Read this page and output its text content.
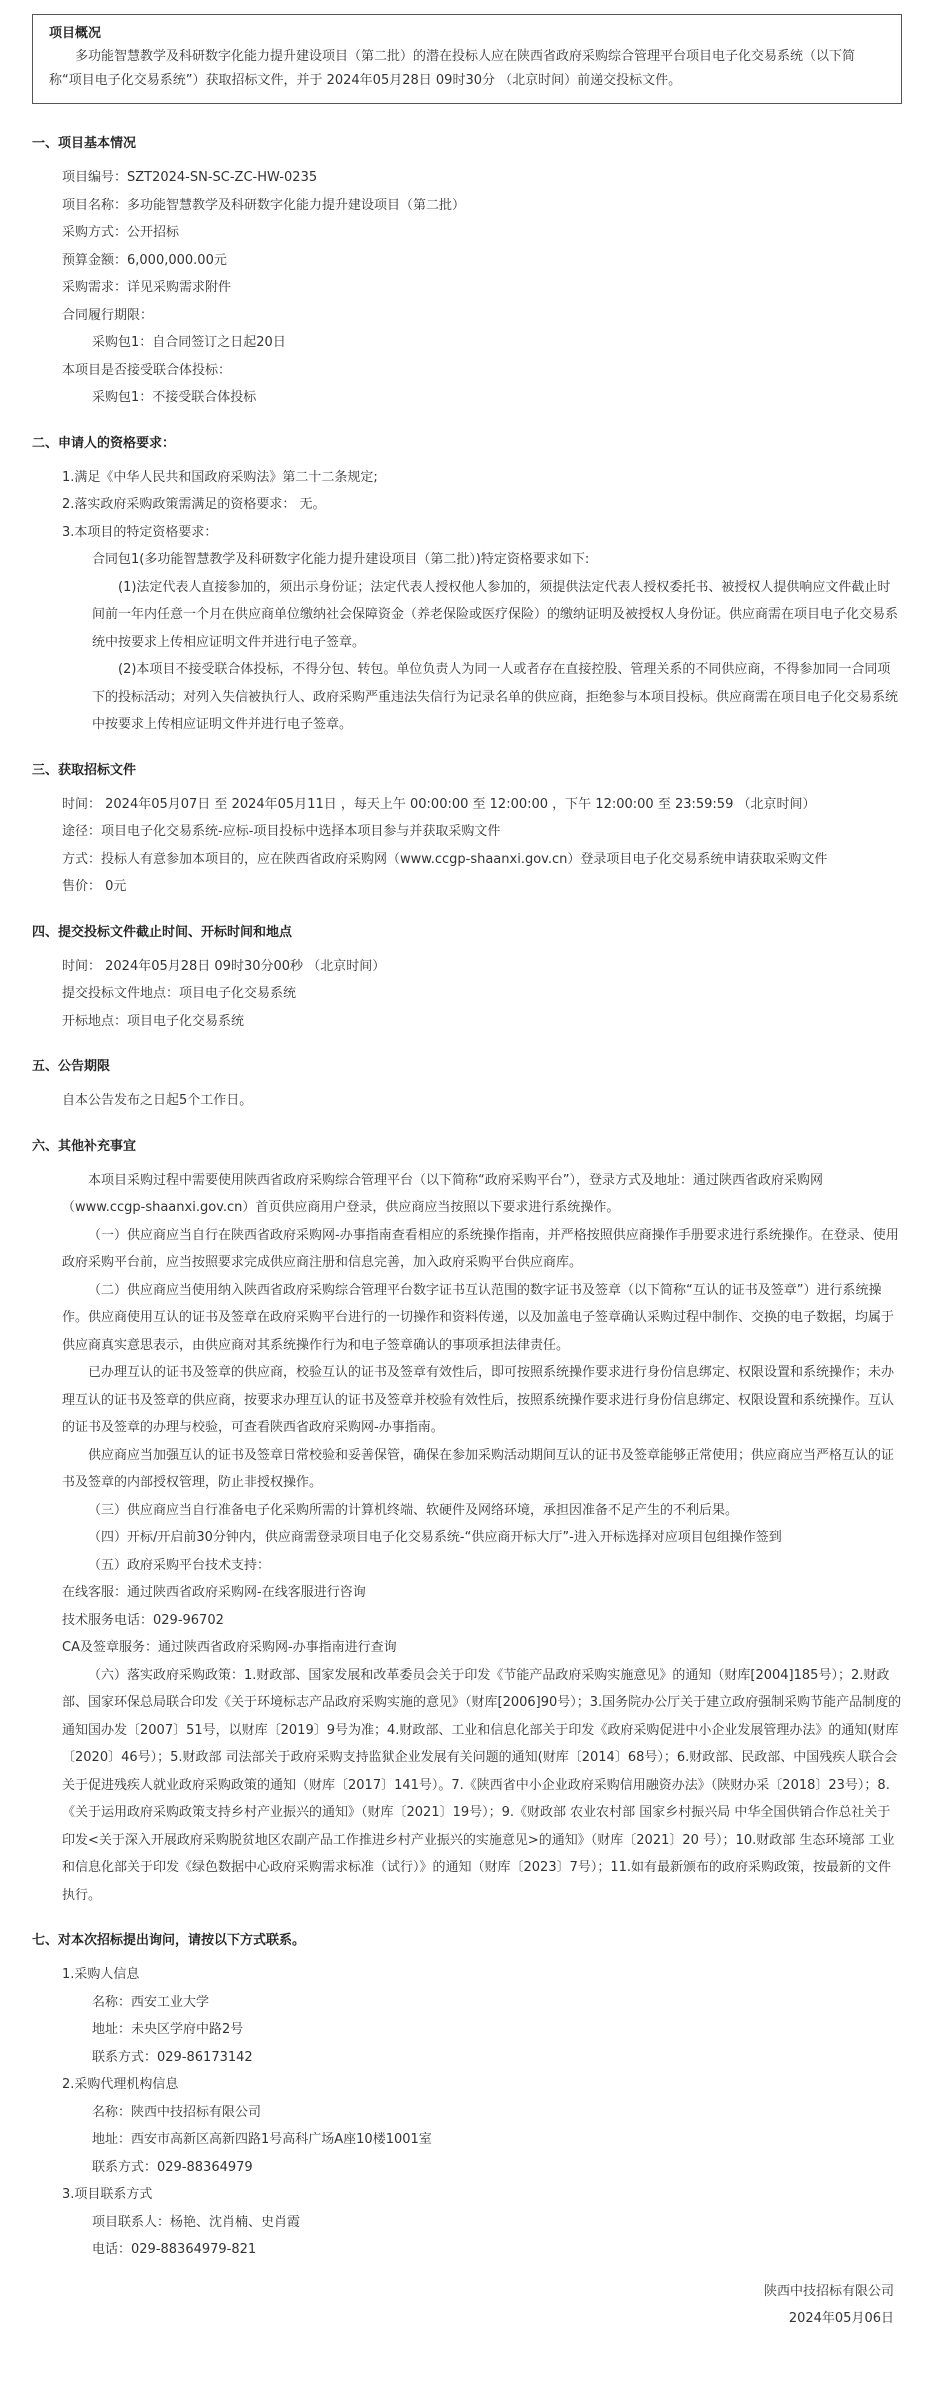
项目概况
多功能智慧教学及科研数字化能力提升建设项目（第二批）的潜在投标人应在陕西省政府采购综合管理平台项目电子化交易系统（以下简称“项目电子化交易系统”）获取招标文件，并于 2024年05月28日 09时30分 （北京时间）前递交投标文件。
一、项目基本情况
项目编号：SZT2024-SN-SC-ZC-HW-0235
项目名称：多功能智慧教学及科研数字化能力提升建设项目（第二批）
采购方式：公开招标
预算金额：6,000,000.00元
采购需求：详见采购需求附件
合同履行期限：
采购包1：自合同签订之日起20日
本项目是否接受联合体投标：
采购包1：不接受联合体投标
二、申请人的资格要求：
1.满足《中华人民共和国政府采购法》第二十二条规定;
2.落实政府采购政策需满足的资格要求： 无。
3.本项目的特定资格要求：
合同包1(多功能智慧教学及科研数字化能力提升建设项目（第二批）)特定资格要求如下:
(1)法定代表人直接参加的，须出示身份证；法定代表人授权他人参加的，须提供法定代表人授权委托书、被授权人提供响应文件截止时间前一年内任意一个月在供应商单位缴纳社会保障资金（养老保险或医疗保险）的缴纳证明及被授权人身份证。供应商需在项目电子化交易系统中按要求上传相应证明文件并进行电子签章。
(2)本项目不接受联合体投标，不得分包、转包。单位负责人为同一人或者存在直接控股、管理关系的不同供应商，不得参加同一合同项下的投标活动；对列入失信被执行人、政府采购严重违法失信行为记录名单的供应商，拒绝参与本项目投标。供应商需在项目电子化交易系统中按要求上传相应证明文件并进行电子签章。
三、获取招标文件
时间： 2024年05月07日 至 2024年05月11日 ，每天上午 00:00:00 至 12:00:00 ，下午 12:00:00 至 23:59:59 （北京时间）
途径：项目电子化交易系统-应标-项目投标中选择本项目参与并获取采购文件
方式：投标人有意参加本项目的，应在陕西省政府采购网（www.ccgp-shaanxi.gov.cn）登录项目电子化交易系统申请获取采购文件
售价： 0元
四、提交投标文件截止时间、开标时间和地点
时间： 2024年05月28日 09时30分00秒 （北京时间）
提交投标文件地点：项目电子化交易系统
开标地点：项目电子化交易系统
五、公告期限
自本公告发布之日起5个工作日。
六、其他补充事宜
本项目采购过程中需要使用陕西省政府采购综合管理平台（以下简称“政府采购平台”），登录方式及地址：通过陕西省政府采购网（www.ccgp-shaanxi.gov.cn）首页供应商用户登录，供应商应当按照以下要求进行系统操作。
（一）供应商应当自行在陕西省政府采购网-办事指南查看相应的系统操作指南，并严格按照供应商操作手册要求进行系统操作。在登录、使用政府采购平台前，应当按照要求完成供应商注册和信息完善，加入政府采购平台供应商库。
（二）供应商应当使用纳入陕西省政府采购综合管理平台数字证书互认范围的数字证书及签章（以下简称“互认的证书及签章”）进行系统操作。供应商使用互认的证书及签章在政府采购平台进行的一切操作和资料传递，以及加盖电子签章确认采购过程中制作、交换的电子数据，均属于供应商真实意思表示，由供应商对其系统操作行为和电子签章确认的事项承担法律责任。
已办理互认的证书及签章的供应商，校验互认的证书及签章有效性后，即可按照系统操作要求进行身份信息绑定、权限设置和系统操作；未办理互认的证书及签章的供应商，按要求办理互认的证书及签章并校验有效性后，按照系统操作要求进行身份信息绑定、权限设置和系统操作。互认的证书及签章的办理与校验，可查看陕西省政府采购网-办事指南。
供应商应当加强互认的证书及签章日常校验和妥善保管，确保在参加采购活动期间互认的证书及签章能够正常使用；供应商应当严格互认的证书及签章的内部授权管理，防止非授权操作。
（三）供应商应当自行准备电子化采购所需的计算机终端、软硬件及网络环境，承担因准备不足产生的不利后果。
（四）开标/开启前30分钟内，供应商需登录项目电子化交易系统-“供应商开标大厅”-进入开标选择对应项目包组操作签到
（五）政府采购平台技术支持：
在线客服：通过陕西省政府采购网-在线客服进行咨询
技术服务电话：029-96702
CA及签章服务：通过陕西省政府采购网-办事指南进行查询
（六）落实政府采购政策：1.财政部、国家发展和改革委员会关于印发《节能产品政府采购实施意见》的通知（财库[2004]185号）；2.财政部、国家环保总局联合印发《关于环境标志产品政府采购实施的意见》（财库[2006]90号）；3.国务院办公厅关于建立政府强制采购节能产品制度的通知国办发〔2007〕51号，以财库〔2019〕9号为准；4.财政部、工业和信息化部关于印发《政府采购促进中小企业发展管理办法》的通知(财库〔2020〕46号）；5.财政部 司法部关于政府采购支持监狱企业发展有关问题的通知(财库〔2014〕68号）；6.财政部、民政部、中国残疾人联合会关于促进残疾人就业政府采购政策的通知（财库〔2017〕141号）。7.《陕西省中小企业政府采购信用融资办法》（陕财办采〔2018〕23号）；8.《关于运用政府采购政策支持乡村产业振兴的通知》（财库〔2021〕19号）；9.《财政部 农业农村部 国家乡村振兴局 中华全国供销合作总社关于印发<关于深入开展政府采购脱贫地区农副产品工作推进乡村产业振兴的实施意见>的通知》（财库〔2021〕20 号）；10.财政部 生态环境部 工业和信息化部关于印发《绿色数据中心政府采购需求标准（试行）》的通知（财库〔2023〕7号）；11.如有最新颁布的政府采购政策，按最新的文件执行。
七、对本次招标提出询问，请按以下方式联系。
1.采购人信息
名称：西安工业大学
地址：未央区学府中路2号
联系方式：029-86173142
2.采购代理机构信息
名称：陕西中技招标有限公司
地址：西安市高新区高新四路1号高科广场A座10楼1001室
联系方式：029-88364979
3.项目联系方式
项目联系人：杨艳、沈肖楠、史肖霞
电话：029-88364979-821
陕西中技招标有限公司
2024年05月06日
